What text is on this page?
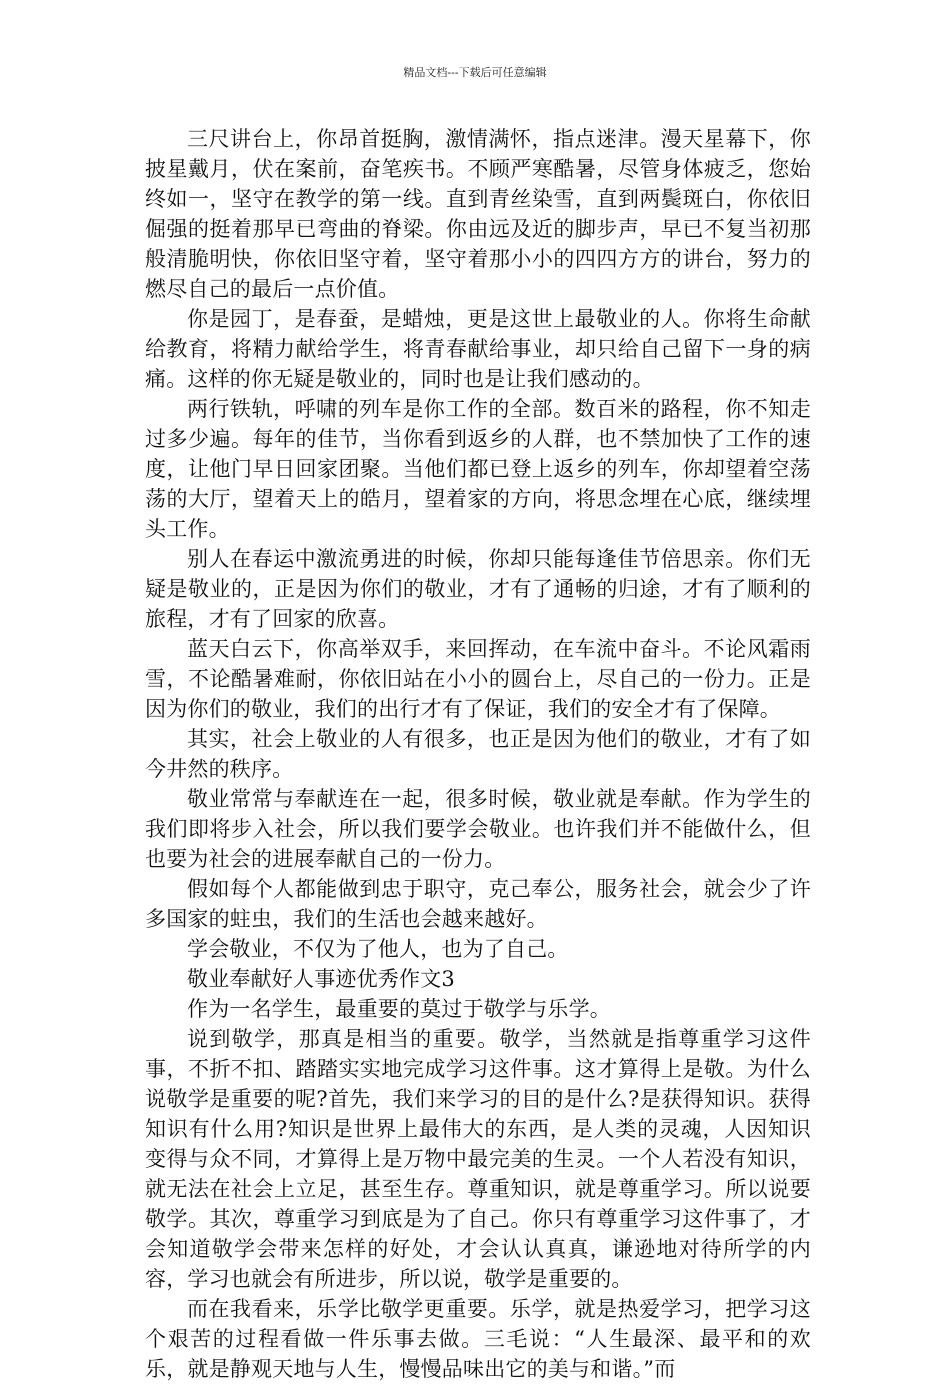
精品文档---下载后可任意编辑

三尺讲台上，你昂首挺胸，激情满怀，指点迷津。漫天星幕下，你披星戴月，伏在案前，奋笔疾书。不顾严寒酷暑，尽管身体疲乏，您始终如一，坚守在教学的第一线。直到青丝染雪，直到两鬓斑白，你依旧倔强的挺着那早已弯曲的脊梁。你由远及近的脚步声，早已不复当初那般清脆明快，你依旧坚守着，坚守着那小小的四四方方的讲台，努力的燃尽自己的最后一点价值。

你是园丁，是春蚕，是蜡烛，更是这世上最敬业的人。你将生命献给教育，将精力献给学生，将青春献给事业，却只给自己留下一身的病痛。这样的你无疑是敬业的，同时也是让我们感动的。

两行铁轨，呼啸的列车是你工作的全部。数百米的路程，你不知走过多少遍。每年的佳节，当你看到返乡的人群，也不禁加快了工作的速度，让他门早日回家团聚。当他们都已登上返乡的列车，你却望着空荡荡的大厅，望着天上的皓月，望着家的方向，将思念埋在心底，继续埋头工作。

别人在春运中激流勇进的时候，你却只能每逢佳节倍思亲。你们无疑是敬业的，正是因为你们的敬业，才有了通畅的归途，才有了顺利的旅程，才有了回家的欣喜。

蓝天白云下，你高举双手，来回挥动，在车流中奋斗。不论风霜雨雪，不论酷暑难耐，你依旧站在小小的圆台上，尽自己的一份力。正是因为你们的敬业，我们的出行才有了保证，我们的安全才有了保障。

其实，社会上敬业的人有很多，也正是因为他们的敬业，才有了如今井然的秩序。

敬业常常与奉献连在一起，很多时候，敬业就是奉献。作为学生的我们即将步入社会，所以我们要学会敬业。也许我们并不能做什么，但也要为社会的进展奉献自己的一份力。

假如每个人都能做到忠于职守，克己奉公，服务社会，就会少了许多国家的蛀虫，我们的生活也会越来越好。

学会敬业，不仅为了他人，也为了自己。

敬业奉献好人事迹优秀作文3

作为一名学生，最重要的莫过于敬学与乐学。

说到敬学，那真是相当的重要。敬学，当然就是指尊重学习这件事，不折不扣、踏踏实实地完成学习这件事。这才算得上是敬。为什么说敬学是重要的呢?首先，我们来学习的目的是什么?是获得知识。获得知识有什么用?知识是世界上最伟大的东西，是人类的灵魂，人因知识变得与众不同，才算得上是万物中最完美的生灵。一个人若没有知识，就无法在社会上立足，甚至生存。尊重知识，就是尊重学习。所以说要敬学。其次，尊重学习到底是为了自己。你只有尊重学习这件事了，才会知道敬学会带来怎样的好处，才会认认真真，谦逊地对待所学的内容，学习也就会有所进步，所以说，敬学是重要的。

而在我看来，乐学比敬学更重要。乐学，就是热爱学习，把学习这个艰苦的过程看做一件乐事去做。三毛说：“人生最深、最平和的欢乐，就是静观天地与人生，慢慢品味出它的美与和谐。”而
